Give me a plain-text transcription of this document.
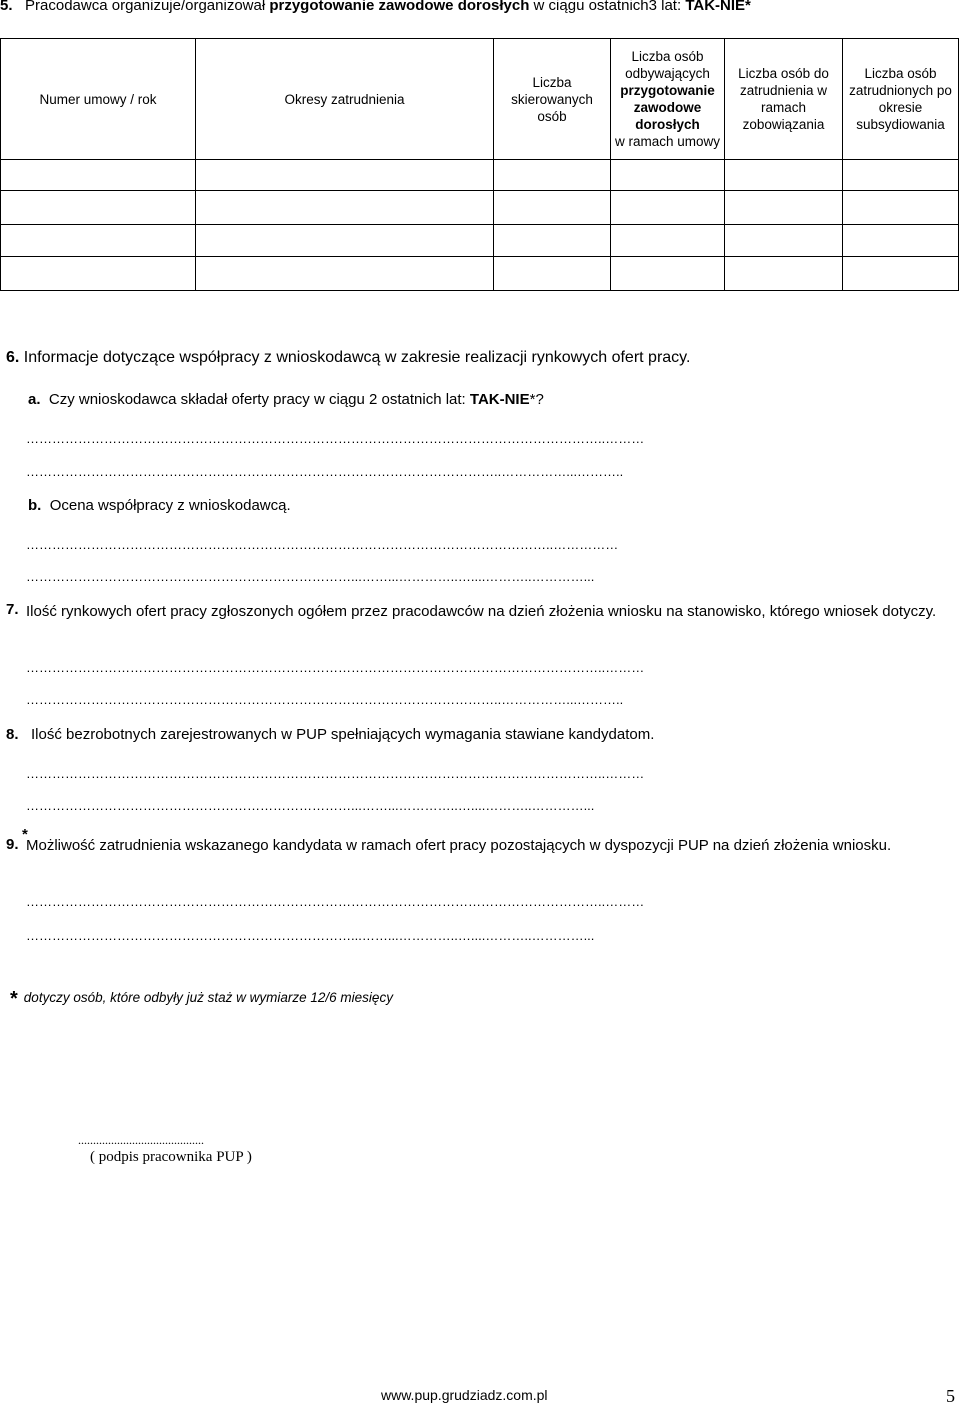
5. Pracodawca organizuje/organizował przygotowanie zawodowe dorosłych w ciągu ostatnich3 lat: TAK-NIE*
Numer umowy / rok	Okresy zatrudnienia	Liczba skierowanych osób	Liczba osób odbywających
przygotowanie zawodowe dorosłych
w ramach umowy	Liczba osób do zatrudnienia w ramach zobowiązania	Liczba osób zatrudnionych po okresie subsydiowania

6. Informacje dotyczące współpracy z wnioskodawcą w zakresie realizacji rynkowych ofert pracy.
a. Czy wnioskodawca składał oferty pracy w ciągu 2 ostatnich lat: TAK-NIE*?
……………………………………………………………………………………………………………………..………
………………………………………………………………………………………………..……………...………..
b. Ocena współpracy z wnioskodawcą.
…………………………………………………………………………………………………………..……………
…………………………………………………………………...……...…………..…....………..…………...
7. Ilość rynkowych ofert pracy zgłoszonych ogółem przez pracodawców na dzień złożenia wniosku na stanowisko, którego wniosek dotyczy.
……………………………………………………………………………………………………………………..………
………………………………………………………………………………………………..……………...………..
8. Ilość bezrobotnych zarejestrowanych w PUP spełniających wymagania stawiane kandydatom.
……………………………………………………………………………………………………………………..………
…………………………………………………………………...……...…………..…....………..…………...
9.
*
Możliwość zatrudnienia wskazanego kandydata w ramach ofert pracy pozostających w dyspozycji PUP na dzień złożenia wniosku.
……………………………………………………………………………………………………………………..………
…………………………………………………………………...……...…………..…....………..…………...
* dotyczy osób, które odbyły już staż w wymiarze 12/6 miesięcy
..........................................
( podpis pracownika PUP )
www.pup.grudziadz.com.pl	5
